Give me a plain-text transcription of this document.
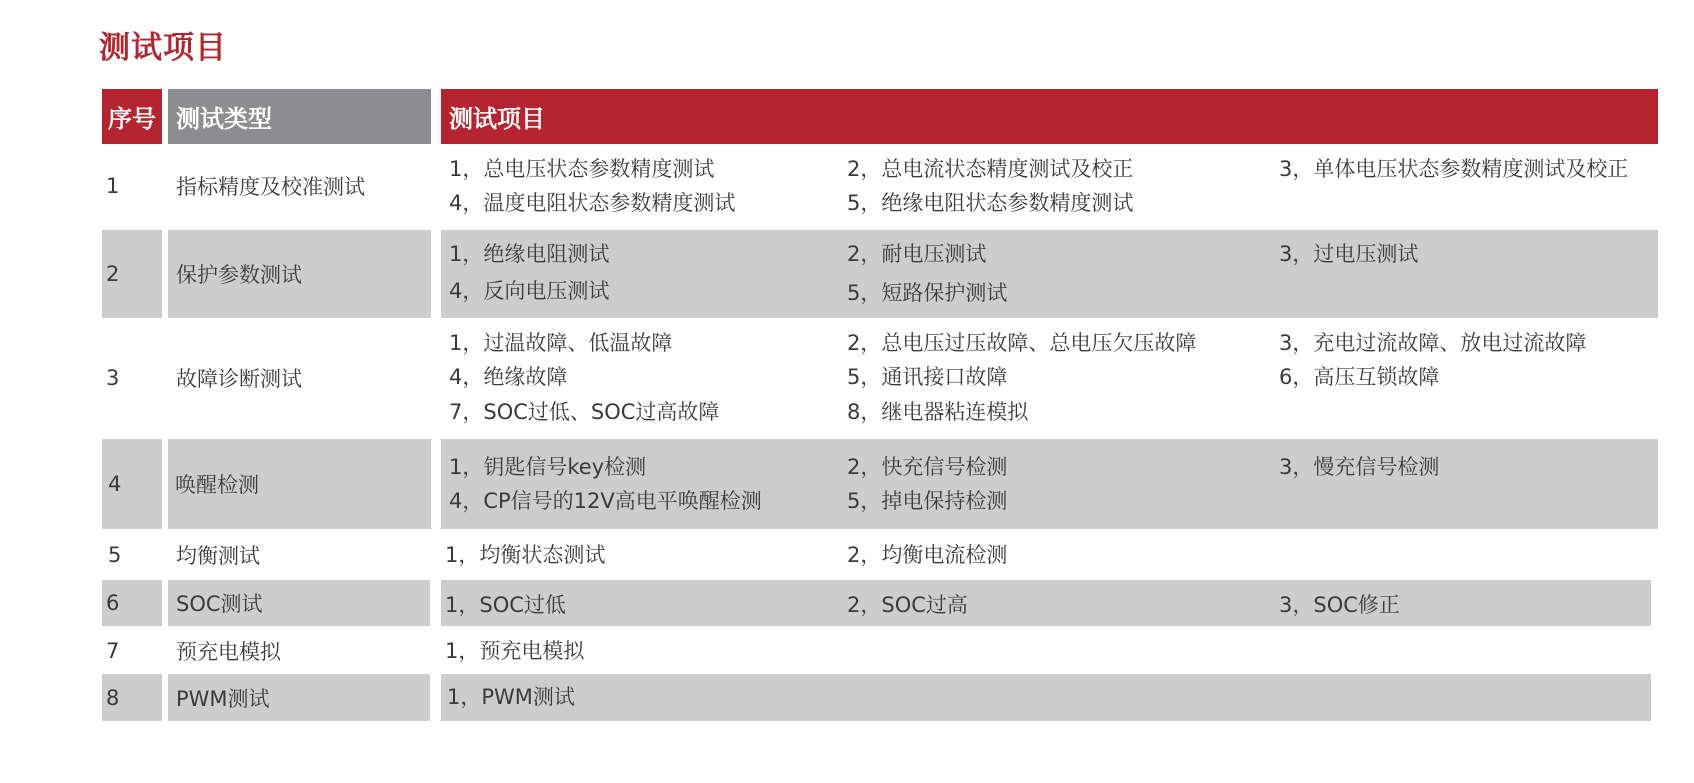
测试项目
序号 测试类型	测试项目
1	指标精度及校准测试
1，总电压状态参数精度测试	2，总电流状态精度测试及校正	3，单体电压状态参数精度测试及校正
4，温度电阻状态参数精度测试	5，绝缘电阻状态参数精度测试
2	保护参数测试
1，绝缘电阻测试	2，耐电压测试	3，过电压测试
4，反向电压测试	5，短路保护测试
3	故障诊断测试
1，过温故障、低温故障	2，总电压过压故障、总电压欠压故障	3，充电过流故障、放电过流故障
4，绝缘故障	5，通讯接口故障	6，高压互锁故障
7，SOC过低、SOC过高故障	8，继电器粘连模拟
4	唤醒检测
1，钥匙信号key检测	2，快充信号检测	3，慢充信号检测
4，CP信号的12V高电平唤醒检测	5，掉电保持检测
5	均衡测试	1，均衡状态测试	2，均衡电流检测
6	SOC测试	1，SOC过低	2，SOC过高	3，SOC修正
7	预充电模拟	1，预充电模拟
8	PWM测试	1，PWM测试
